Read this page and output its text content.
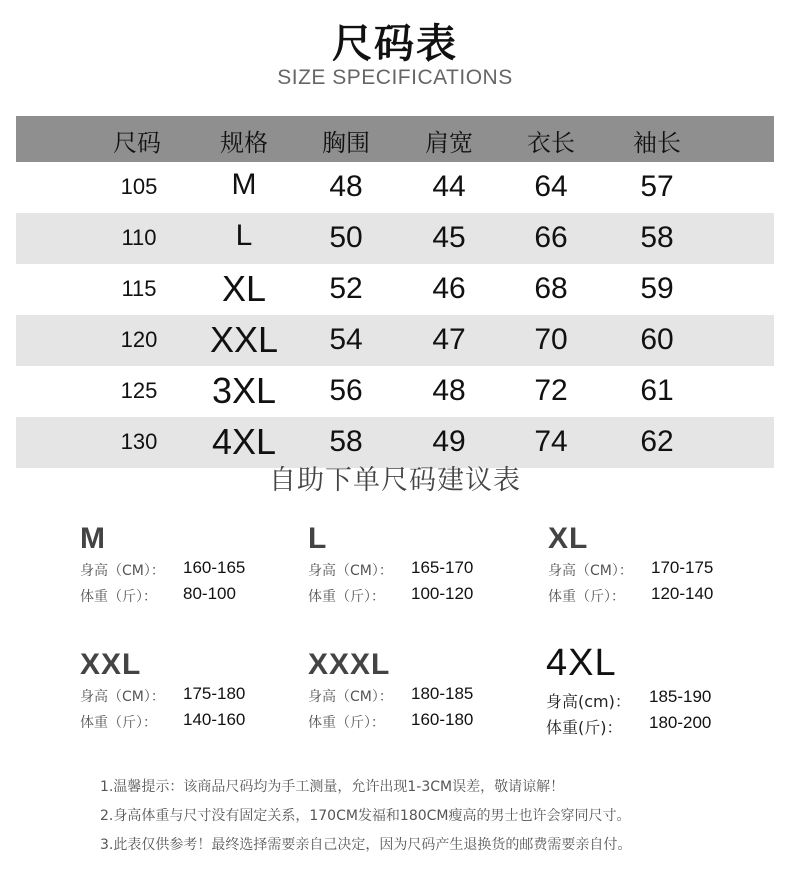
尺码表
SIZE SPECIFICATIONS
尺码	规格	胸围	肩宽	衣长	袖长
105	M	48	44	64	57
110	L	50	45	66	58
115	XL	52	46	68	59
120	XXL	54	47	70	60
125	3XL	56	48	72	61
130	4XL	58	49	74	62
自助下单尺码建议表
M
身高（CM）： 160-165
体重（斤）： 80-100
L
身高（CM）： 165-170
体重（斤）： 100-120
XL
身高（CM）： 170-175
体重（斤）： 120-140
XXL
身高（CM）： 175-180
体重（斤）： 140-160
XXXL
身高（CM）： 180-185
体重（斤）： 160-180
4XL
身高(cm)： 185-190
体重(斤)： 180-200
1.温馨提示：该商品尺码均为手工测量，允许出现1-3CM误差，敬请谅解！
2.身高体重与尺寸没有固定关系，170CM发福和180CM瘦高的男士也许会穿同尺寸。
3.此表仅供参考！最终选择需要亲自己决定，因为尺码产生退换货的邮费需要亲自付。
